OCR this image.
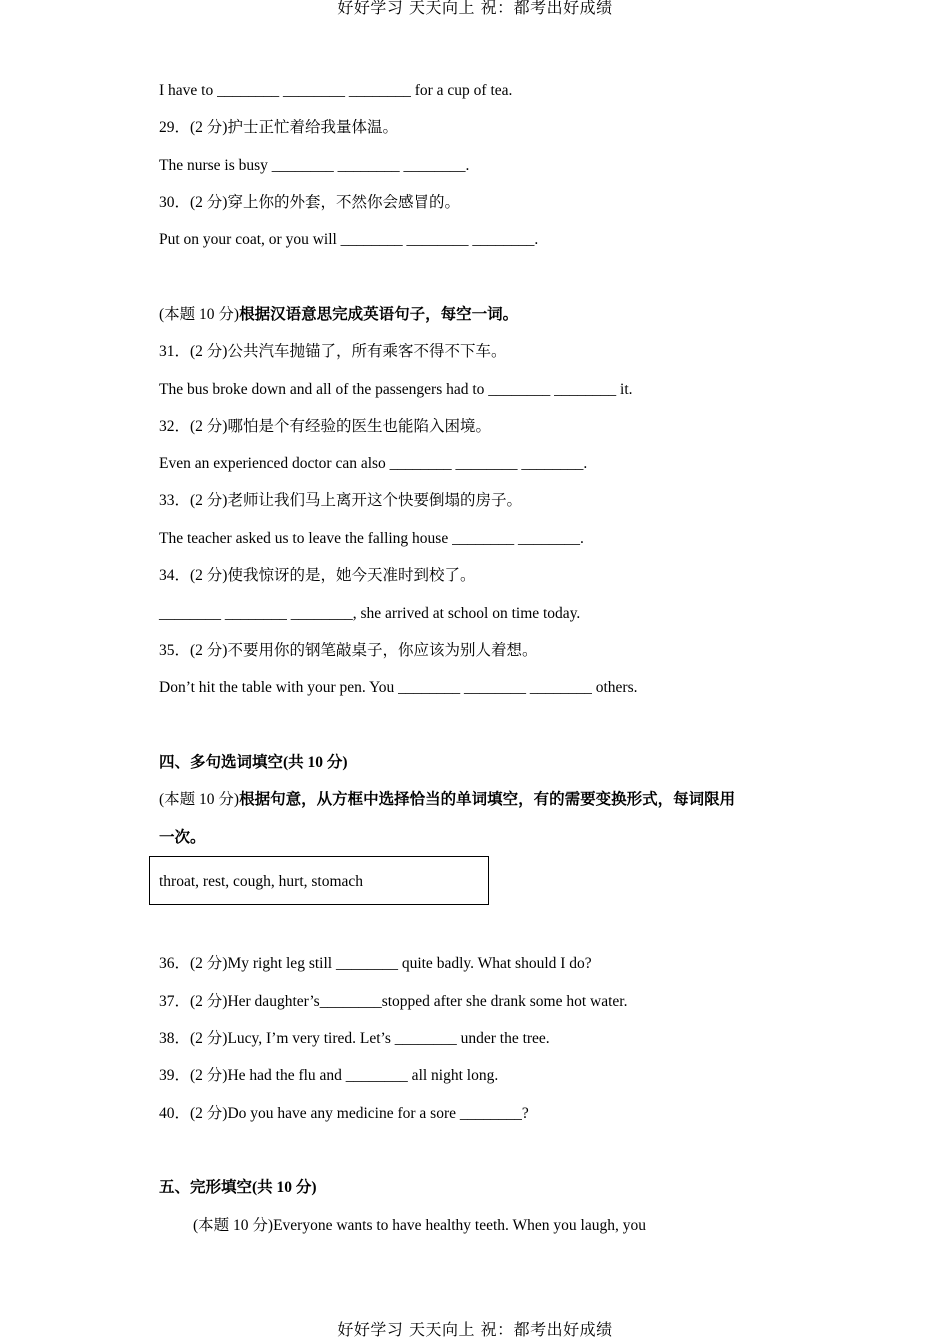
好好学习 天天向上 祝：都考出好成绩
I have to ________ ________ ________ for a cup of tea.
29．(2 分)护士正忙着给我量体温。
The nurse is busy ________ ________ ________.
30．(2 分)穿上你的外套，不然你会感冒的。
Put on your coat, or you will ________ ________ ________.
(本题 10 分)根据汉语意思完成英语句子，每空一词。
31．(2 分)公共汽车抛锚了，所有乘客不得不下车。
The bus broke down and all of the passengers had to ________ ________ it.
32．(2 分)哪怕是个有经验的医生也能陷入困境。
Even an experienced doctor can also ________ ________ ________.
33．(2 分)老师让我们马上离开这个快要倒塌的房子。
The teacher asked us to leave the falling house ________ ________.
34．(2 分)使我惊讶的是，她今天准时到校了。
________ ________ ________, she arrived at school on time today.
35．(2 分)不要用你的钢笔敲桌子，你应该为别人着想。
Don’t hit the table with your pen. You ________ ________ ________ others.
四、多句选词填空(共 10 分)
(本题 10 分)根据句意，从方框中选择恰当的单词填空，有的需要变换形式，每词限用
一次。
throat, rest, cough, hurt, stomach
36．(2 分)My right leg still ________ quite badly. What should I do?
37．(2 分)Her daughter’s________stopped after she drank some hot water.
38．(2 分)Lucy, I’m very tired. Let’s ________ under the tree.
39．(2 分)He had the flu and ________ all night long.
40．(2 分)Do you have any medicine for a sore ________?
五、完形填空(共 10 分)
(本题 10 分)Everyone wants to have healthy teeth. When you laugh, you
好好学习 天天向上 祝：都考出好成绩
